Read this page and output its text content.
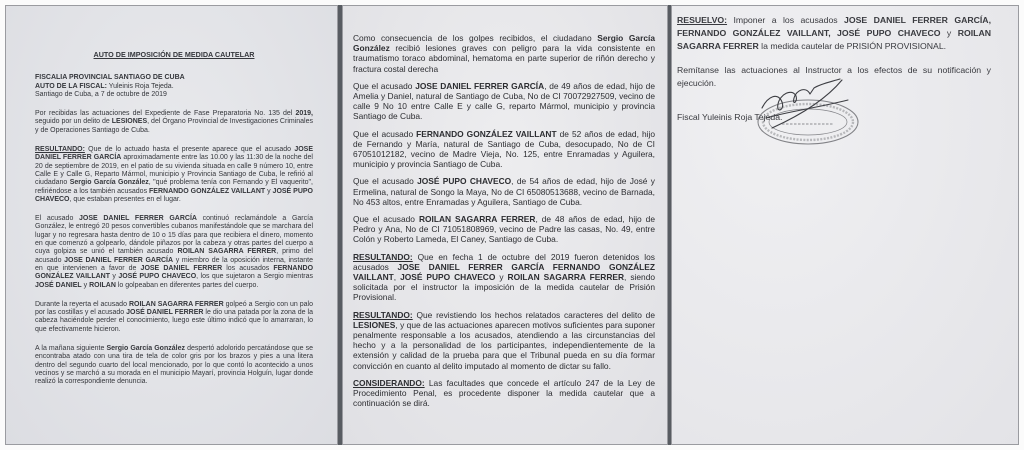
AUTO DE IMPOSICIÓN DE MEDIDA CAUTELAR
FISCALIA PROVINCIAL SANTIAGO DE CUBA
AUTO DE LA FISCAL: Yuleinis Roja Tejeda.
Santiago de Cuba, a 7 de octubre de 2019

Por recibidas las actuaciones del Expediente de Fase Preparatoria No. 135 del 2019, seguido por un delito de LESIONES, del Órgano Provincial de Investigaciones Criminales y de Operaciones Santiago de Cuba.

RESULTANDO: Que de lo actuado hasta el presente aparece que el acusado JOSE DANIEL FERRER GARCÍA aproximadamente entre las 10.00 y las 11:30 de la noche del 20 de septiembre de 2019, en el patio de su vivienda situada en calle 9 número 10, entre Calle E y Calle G, Reparto Mármol, municipio y Provincia Santiago de Cuba, le refirió al ciudadano Sergio García González, "qué problema tenía con Fernando y El vaquerito", refiriéndose a los también acusados FERNANDO GONZÁLEZ VAILLANT y JOSÉ PUPO CHAVECO, que estaban presentes en el lugar.

El acusado JOSE DANIEL FERRER GARCÍA continuó reclamándole a García González, le entregó 20 pesos convertibles cubanos manifestándole que se marchara del lugar y no regresara hasta dentro de 10 o 15 días para que recibiera el dinero, momento en que comenzó a golpearlo, dándole piñazos por la cabeza y otras partes del cuerpo a cuya golpiza se unió el también acusado ROILAN SAGARRA FERRER, primo del acusado JOSE DANIEL FERRER GARCÍA y miembro de la oposición interna, instante en que intervienen a favor de JOSE DANIEL FERRER los acusados FERNANDO GONZÁLEZ VAILLANT y JOSÉ PUPO CHAVECO, los que sujetaron a Sergio mientras JOSÉ DANIEL y ROILAN lo golpeaban en diferentes partes del cuerpo.

Durante la reyerta el acusado ROILAN SAGARRA FERRER golpeó a Sergio con un palo por las costillas y el acusado JOSÉ DANIEL FERRER le dio una patada por la zona de la cabeza haciéndole perder el conocimiento, luego este último indicó que lo amarraran, lo que efectivamente hicieron.

A la mañana siguiente Sergio García González despertó adolorido percatándose que se encontraba atado con una tira de tela de color gris por los brazos y pies a una litera dentro del segundo cuarto del local mencionado, por lo que contó lo acontecido a unos vecinos y se marchó a su morada en el municipio Mayarí, provincia Holguín, lugar donde realizó la correspondiente denuncia.

Como consecuencia de los golpes recibidos, el ciudadano Sergio García González recibió lesiones graves con peligro para la vida consistente en traumatismo toraco abdominal, hematoma en parte superior de riñón derecho y fractura costal derecha

Que el acusado JOSE DANIEL FERRER GARCÍA, de 49 años de edad, hijo de Amelia y Daniel, natural de Santiago de Cuba, No de CI 70072927509, vecino de calle 9 No 10 entre Calle E y calle G, reparto Mármol, municipio y provincia Santiago de Cuba.

Que el acusado FERNANDO GONZÁLEZ VAILLANT de 52 años de edad, hijo de Fernando y María, natural de Santiago de Cuba, desocupado, No de CI 67051012182, vecino de Madre Vieja, No. 125, entre Enramadas y Aguilera, municipio y provincia Santiago de Cuba.

Que el acusado JOSÉ PUPO CHAVECO, de 54 años de edad, hijo de José y Ermelina, natural de Songo la Maya, No de CI 65080513688, vecino de Barnada, No 453 altos, entre Enramadas y Aguilera, Santiago de Cuba.

Que el acusado ROILAN SAGARRA FERRER, de 48 años de edad, hijo de Pedro y Ana, No de CI 71051808969, vecino de Padre las casas, No. 49, entre Colón y Roberto Lameda, El Caney, Santiago de Cuba.

RESULTANDO: Que en fecha 1 de octubre del 2019 fueron detenidos los acusados JOSE DANIEL FERRER GARCÍA FERNANDO GONZÁLEZ VAILLANT, JOSÉ PUPO CHAVECO y ROILAN SAGARRA FERRER, siendo solicitada por el instructor la imposición de la medida cautelar de Prisión Provisional.

RESULTANDO: Que revistiendo los hechos relatados caracteres del delito de LESIONES, y que de las actuaciones aparecen motivos suficientes para suponer penalmente responsable a los acusados, atendiendo a las circunstancias del hecho y a la personalidad de los participantes, independientemente de la extensión y calidad de la prueba para que el Tribunal pueda en su día formar convicción en cuanto al delito imputado al momento de dictar su fallo.

CONSIDERANDO: Las facultades que concede el artículo 247 de la Ley de Procedimiento Penal, es procedente disponer la medida cautelar que a continuación se dirá.

RESUELVO: Imponer a los acusados JOSE DANIEL FERRER GARCÍA, FERNANDO GONZÁLEZ VAILLANT, JOSÉ PUPO CHAVECO y ROILAN SAGARRA FERRER la medida cautelar de PRISIÓN PROVISIONAL.

Remítanse las actuaciones al Instructor a los efectos de su notificación y ejecución.

Fiscal Yuleinis Roja Tejeda.
